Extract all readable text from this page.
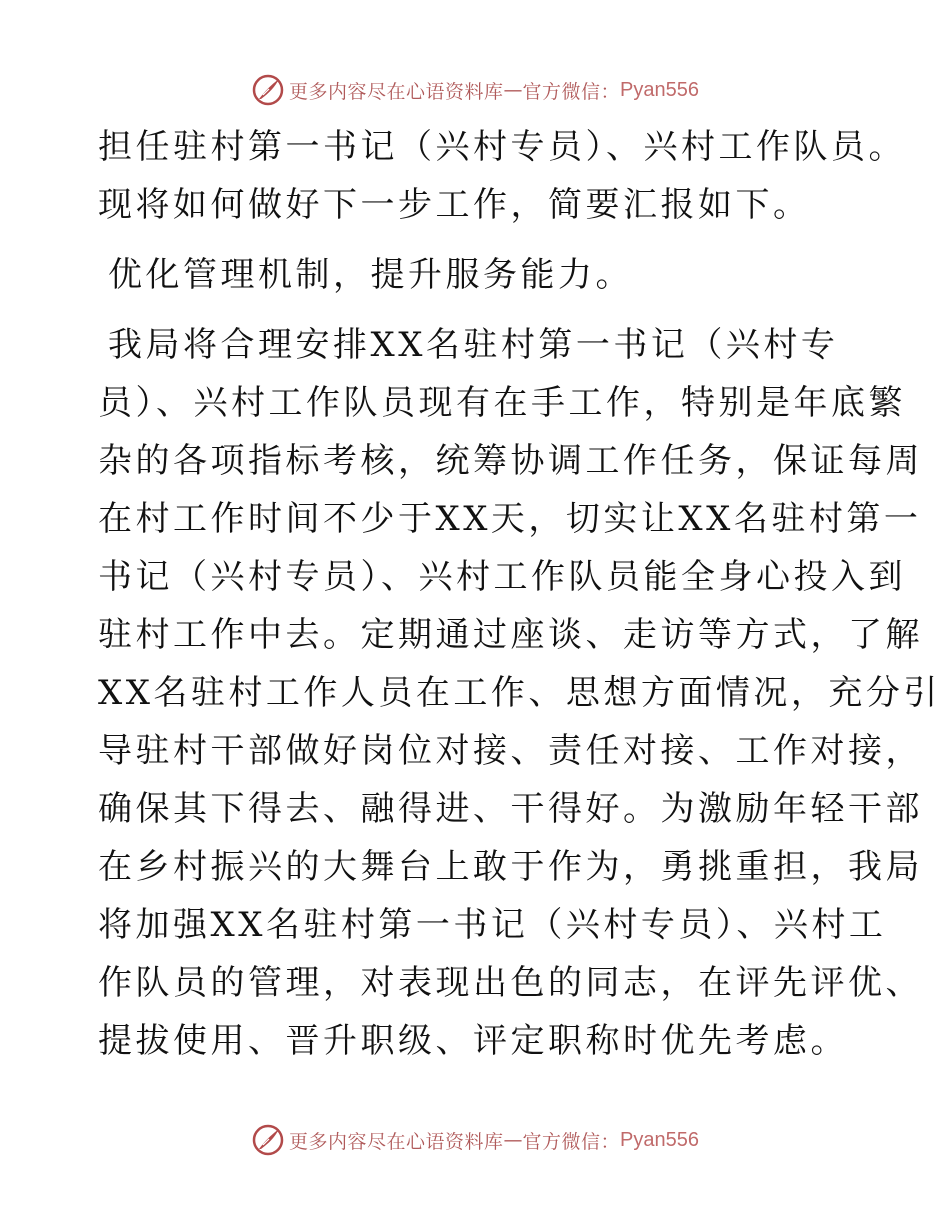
更多内容尽在心语资料库 — 官方微信： Pyan556
担任驻村第一书记（兴村专员）、兴村工作队员。
现将如何做好下一步工作，简要汇报如下。
优化管理机制，提升服务能力。
我局将合理安排XX名驻村第一书记（兴村专
员）、兴村工作队员现有在手工作，特别是年底繁
杂的各项指标考核，统筹协调工作任务，保证每周
在村工作时间不少于XX天，切实让XX名驻村第一
书记（兴村专员）、兴村工作队员能全身心投入到
驻村工作中去。定期通过座谈、走访等方式，了解
XX名驻村工作人员在工作、思想方面情况，充分引
导驻村干部做好岗位对接、责任对接、工作对接，
确保其下得去、融得进、干得好。为激励年轻干部
在乡村振兴的大舞台上敢于作为，勇挑重担，我局
将加强XX名驻村第一书记（兴村专员）、兴村工
作队员的管理，对表现出色的同志，在评先评优、
提拔使用、晋升职级、评定职称时优先考虑。
更多内容尽在心语资料库 — 官方微信： Pyan556
